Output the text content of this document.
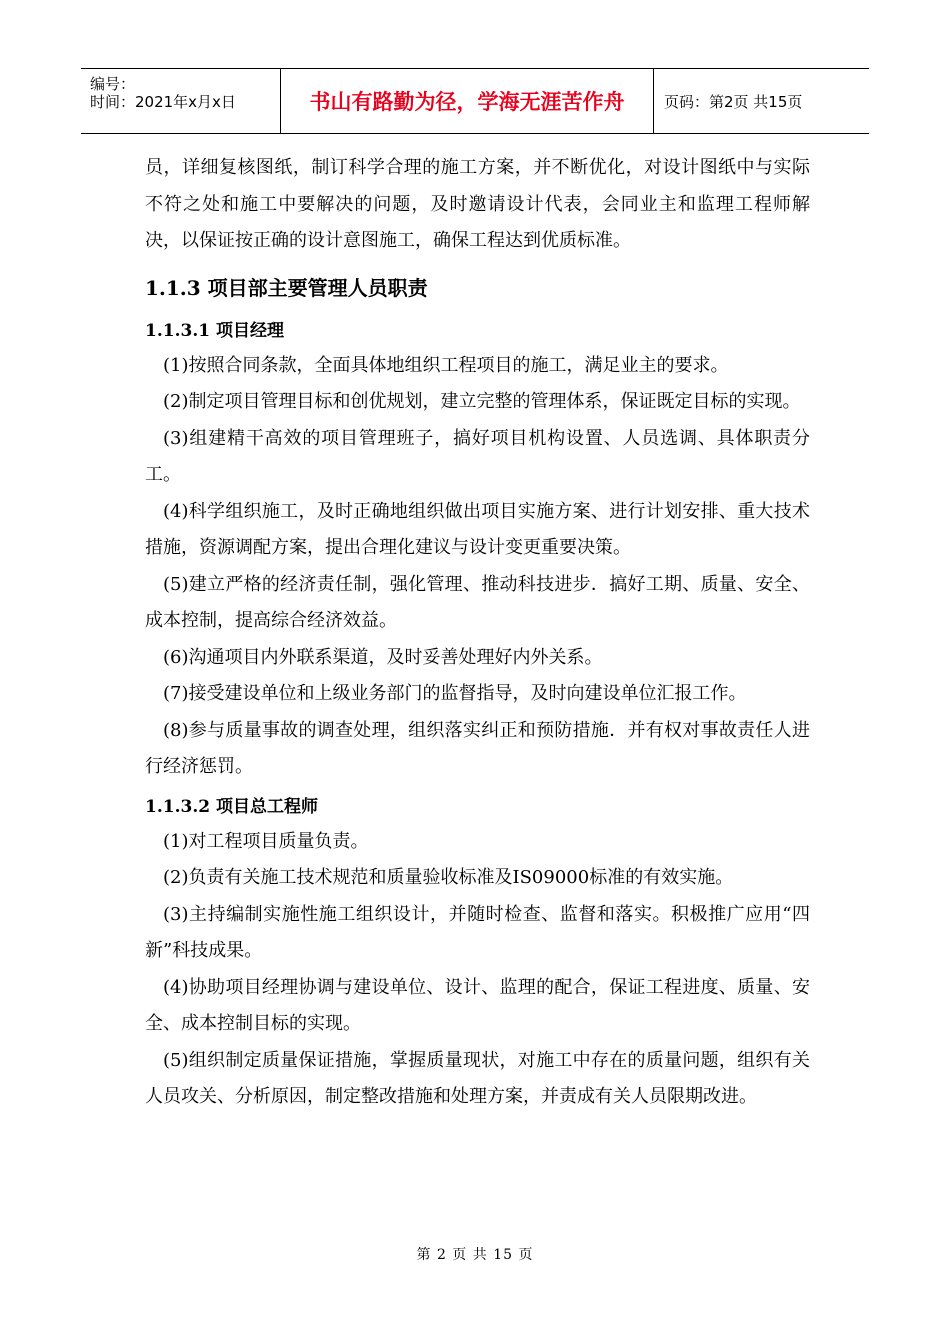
编号：
时间：2021年x月x日	书山有路勤为径，学海无涯苦作舟	页码：第2页 共15页

员，详细复核图纸，制订科学合理的施工方案，并不断优化，对设计图纸中与实际不符之处和施工中要解决的问题，及时邀请设计代表，会同业主和监理工程师解决，以保证按正确的设计意图施工，确保工程达到优质标准。

1.1.3 项目部主要管理人员职责
1.1.3.1 项目经理

(1)按照合同条款，全面具体地组织工程项目的施工，满足业主的要求。

(2)制定项目管理目标和创优规划，建立完整的管理体系，保证既定目标的实现。

(3)组建精干高效的项目管理班子，搞好项目机构设置、人员选调、具体职责分工。

(4)科学组织施工，及时正确地组织做出项目实施方案、进行计划安排、重大技术措施，资源调配方案，提出合理化建议与设计变更重要决策。

(5)建立严格的经济责任制，强化管理、推动科技进步．搞好工期、质量、安全、成本控制，提高综合经济效益。

(6)沟通项目内外联系渠道，及时妥善处理好内外关系。

(7)接受建设单位和上级业务部门的监督指导，及时向建设单位汇报工作。

(8)参与质量事故的调查处理，组织落实纠正和预防措施．并有权对事故责任人进行经济惩罚。

1.1.3.2 项目总工程师

(1)对工程项目质量负责。

(2)负责有关施工技术规范和质量验收标准及IS09000标准的有效实施。

(3)主持编制实施性施工组织设计，并随时检查、监督和落实。积极推广应用“四新”科技成果。

(4)协助项目经理协调与建设单位、设计、监理的配合，保证工程进度、质量、安全、成本控制目标的实现。

(5)组织制定质量保证措施，掌握质量现状，对施工中存在的质量问题，组织有关人员攻关、分析原因，制定整改措施和处理方案，并责成有关人员限期改进。

第 2 页 共 15 页
